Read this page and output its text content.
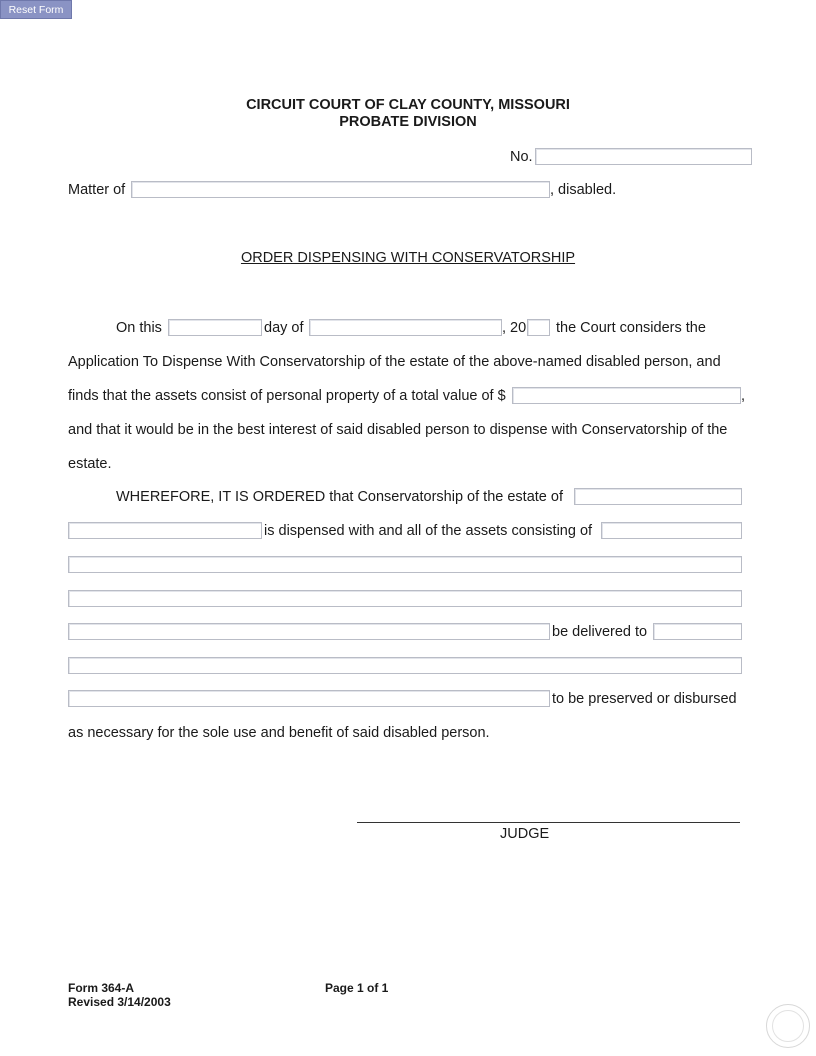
Reset Form
CIRCUIT COURT OF CLAY COUNTY, MISSOURI
PROBATE DIVISION
No.
Matter of	, disabled.
ORDER DISPENSING WITH CONSERVATORSHIP
On this	day of	, 20 the Court considers the
Application To Dispense With Conservatorship of the estate of the above-named disabled person, and
finds that the assets consist of personal property of a total value of $	,
and that it would be in the best interest of said disabled person to dispense with Conservatorship of the
estate.
WHEREFORE, IT IS ORDERED that Conservatorship of the estate of
is dispensed with and all of the assets consisting of
be delivered to
to be preserved or disbursed
as necessary for the sole use and benefit of said disabled person.
JUDGE
Form 364-A
Revised 3/14/2003
Page 1 of 1
